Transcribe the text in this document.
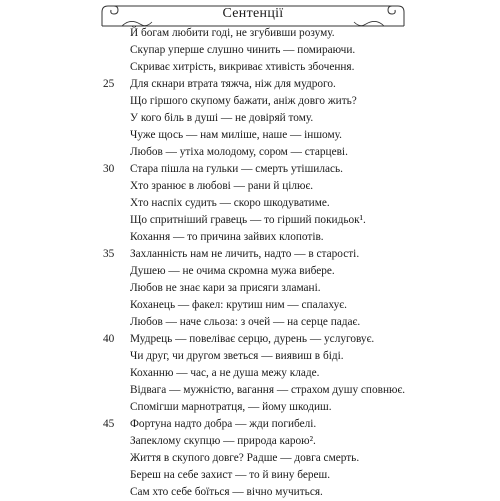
Сентенції
Й богам любити годі, не згубивши розуму.
Скупар уперше слушно чинить — помираючи.
Скриває хитрість, викриває хтивість збочення.
25	Для скнари втрата тяжча, ніж для мудрого.
Що гіршого скупому бажати, аніж довго жить?
У кого біль в душі — не довіряй тому.
Чуже щось — нам миліше, наше — іншому.
Любов — утіха молодому, сором — старцеві.
30	Стара пішла на гульки — смерть утішилась.
Хто зранює в любові — рани й цілює.
Хто наспіх судить — скоро шкодуватиме.
Що спритніший гравець — то гірший покидьок¹.
Кохання — то причина зайвих клопотів.
35	Захланність нам не личить, надто — в старості.
Душею — не очима скромна мужа вибере.
Любов не знає кари за присяги зламані.
Коханець — факел: крутиш ним — спалахує.
Любов — наче сльоза: з очей — на серце падає.
40	Мудрець — повеліває серцю, дурень — услуговує.
Чи друг, чи другом зветься — виявиш в біді.
Коханню — час, а не душа межу кладе.
Відвага — мужністю, вагання — страхом душу сповнює.
Спомігши марнотратця, — йому шкодиш.
45	Фортуна надто добра — жди погибелі.
Запеклому скупцю — природа карою².
Життя в скупого довге? Радше — довга смерть.
Береш на себе захист — то й вину береш.
Сам хто себе боїться — вічно мучиться.
